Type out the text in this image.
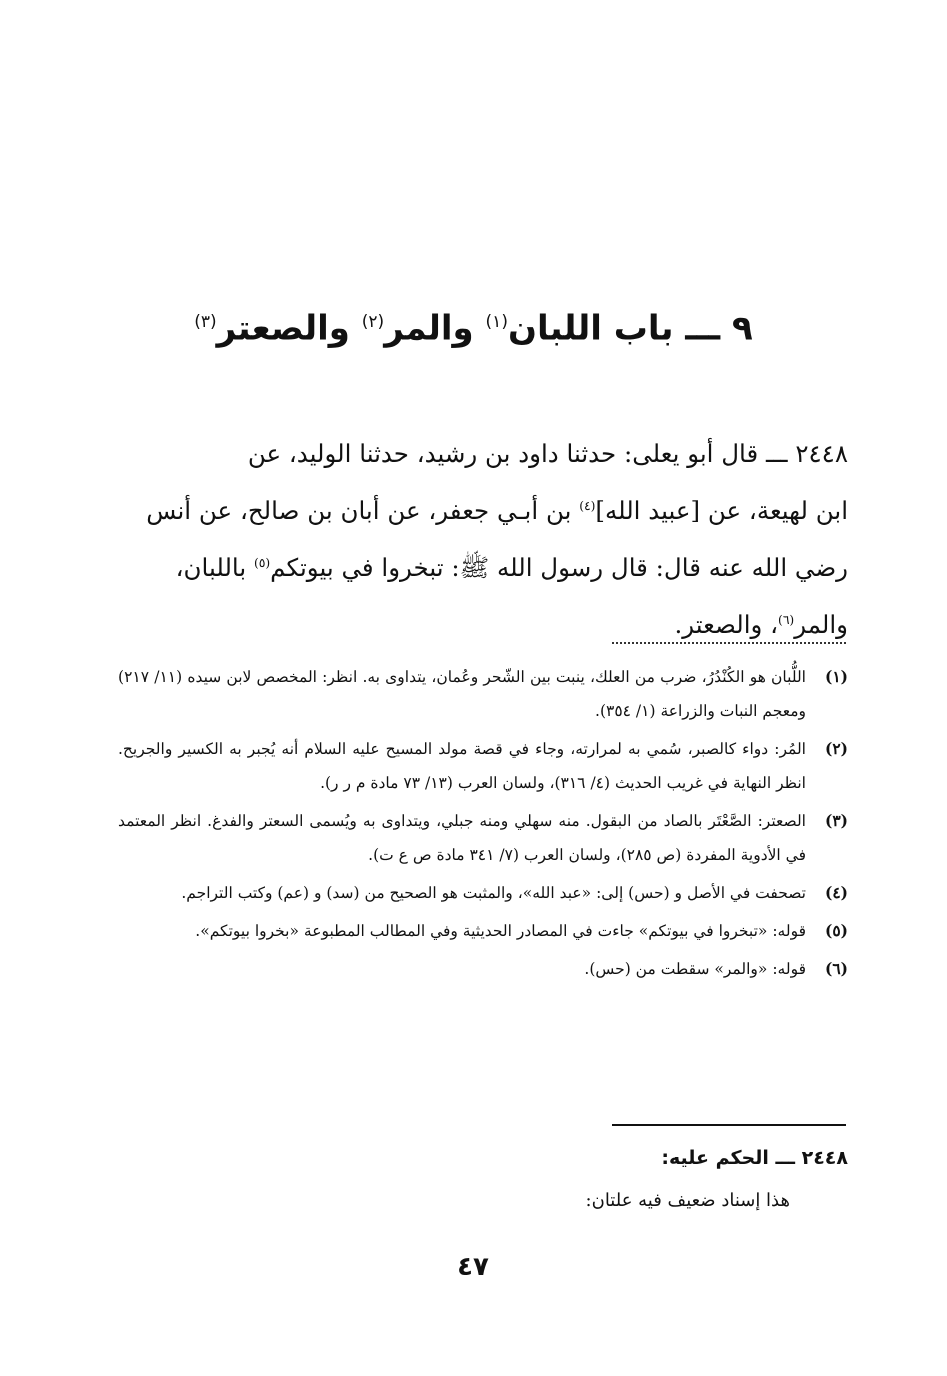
٩ ـــ باب اللبان$^{(١)}$ والمر$^{(٢)}$ والصعتر$^{(٣)}$
٢٤٤٨ ـــ قال أبو يعلى: حدثنا داود بن رشيد، حدثنا الوليد، عن
ابن لهيعة، عن [عبيد الله]$^{(٤)}$ بن أبـي جعفر، عن أبان بن صالح، عن أنس
رضي الله عنه قال: قال رسول الله ﷺ: تبخروا في بيوتكم$^{(٥)}$ باللبان،
والمر$^{(٦)}$، والصعتر.
(١)
اللُّبان هو الكُنْدُرُ، ضرب من العلك، ينبت بين الشّحر وعُمان، يتداوى به. انظر: المخصص لابن سيده (١١/ ٢١٧) ومعجم النبات والزراعة (١/ ٣٥٤).
(٢)
المُر: دواء كالصبر، سُمي به لمرارته، وجاء في قصة مولد المسيح عليه السلام أنه يُجبر به الكسير والجريح. انظر النهاية في غريب الحديث (٤/ ٣١٦)، ولسان العرب (١٣/ ٧٣ مادة م ر ر).
(٣)
الصعتر: الصَّعْتَر بالصاد من البقول. منه سهلي ومنه جبلي، ويتداوى به ويُسمى السعتر والفدغ. انظر المعتمد في الأدوية المفردة (ص ٢٨٥)، ولسان العرب (٧/ ٣٤١ مادة ص ع ت).
(٤)
تصحفت في الأصل و (حس) إلى: «عبد الله»، والمثبت هو الصحيح من (سد) و (عم) وكتب التراجم.
(٥)
قوله: «تبخروا في بيوتكم» جاءت في المصادر الحديثية وفي المطالب المطبوعة «بخروا بيوتكم».
(٦)
قوله: «والمر» سقطت من (حس).
٢٤٤٨ ـــ الحكم عليه:
هذا إسناد ضعيف فيه علتان:
٤٧
